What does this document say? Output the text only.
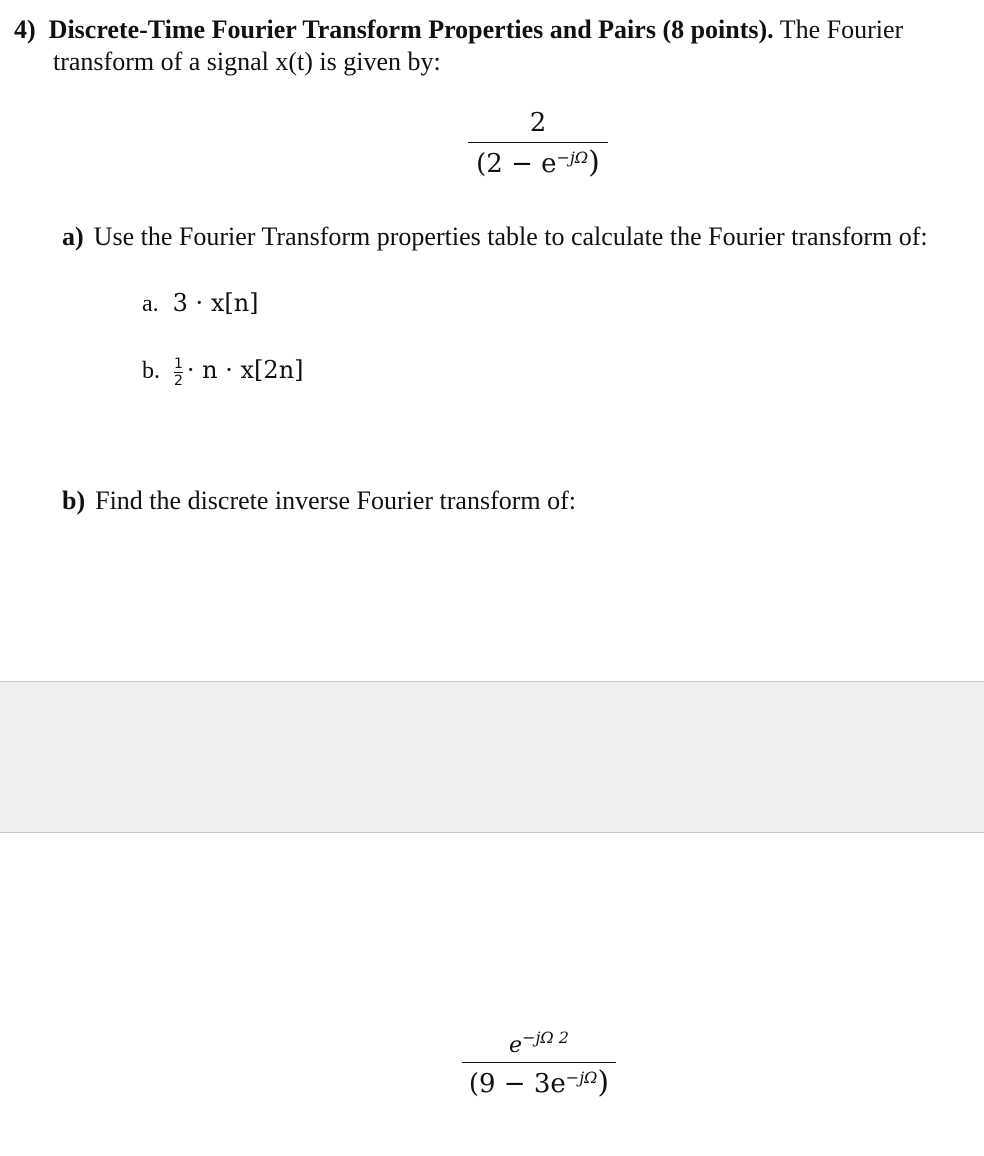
4) Discrete-Time Fourier Transform Properties and Pairs (8 points). The Fourier
transform of a signal x(t) is given by:
2
$(2 - e^{-j\Omega})$
a) Use the Fourier Transform properties table to calculate the Fourier transform of:
a. 3 · x[n]
b. $\frac{1}{2} \cdot n \cdot x[2n]$
b) Find the discrete inverse Fourier transform of:
$e^{-j\Omega 2}$
$(9 - 3e^{-j\Omega})$
